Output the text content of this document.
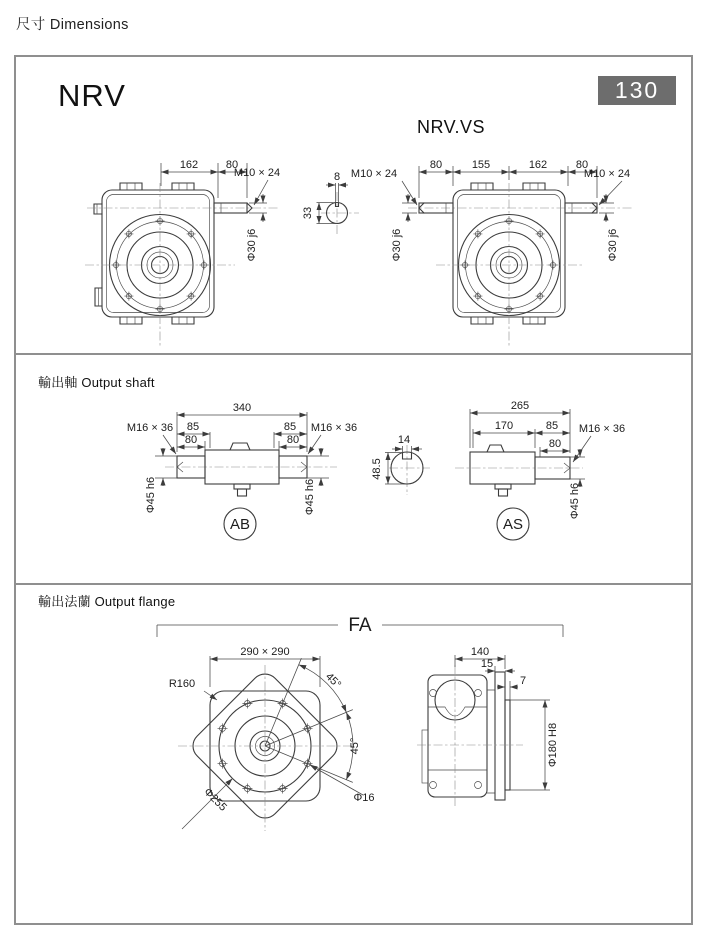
尺寸 Dimensions
NRV	130
NRV.VS
162	80
M10 × 24
Φ30 j6
8
33
80	155	162	80
M10 × 24	M10 × 24
Φ30 j6	Φ30 j6
輸出軸 Output shaft
340
85
80
85
80
M16 × 36	M16 × 36
Φ45 h6	Φ45 h6
AB
14
48.5
265
170	85
80
M16 × 36
Φ45 h6
AS
輸出法蘭 Output flange
FA
290 × 290
R160	45°
45°
Φ255	Φ16
140
15
7
Φ180 H8
